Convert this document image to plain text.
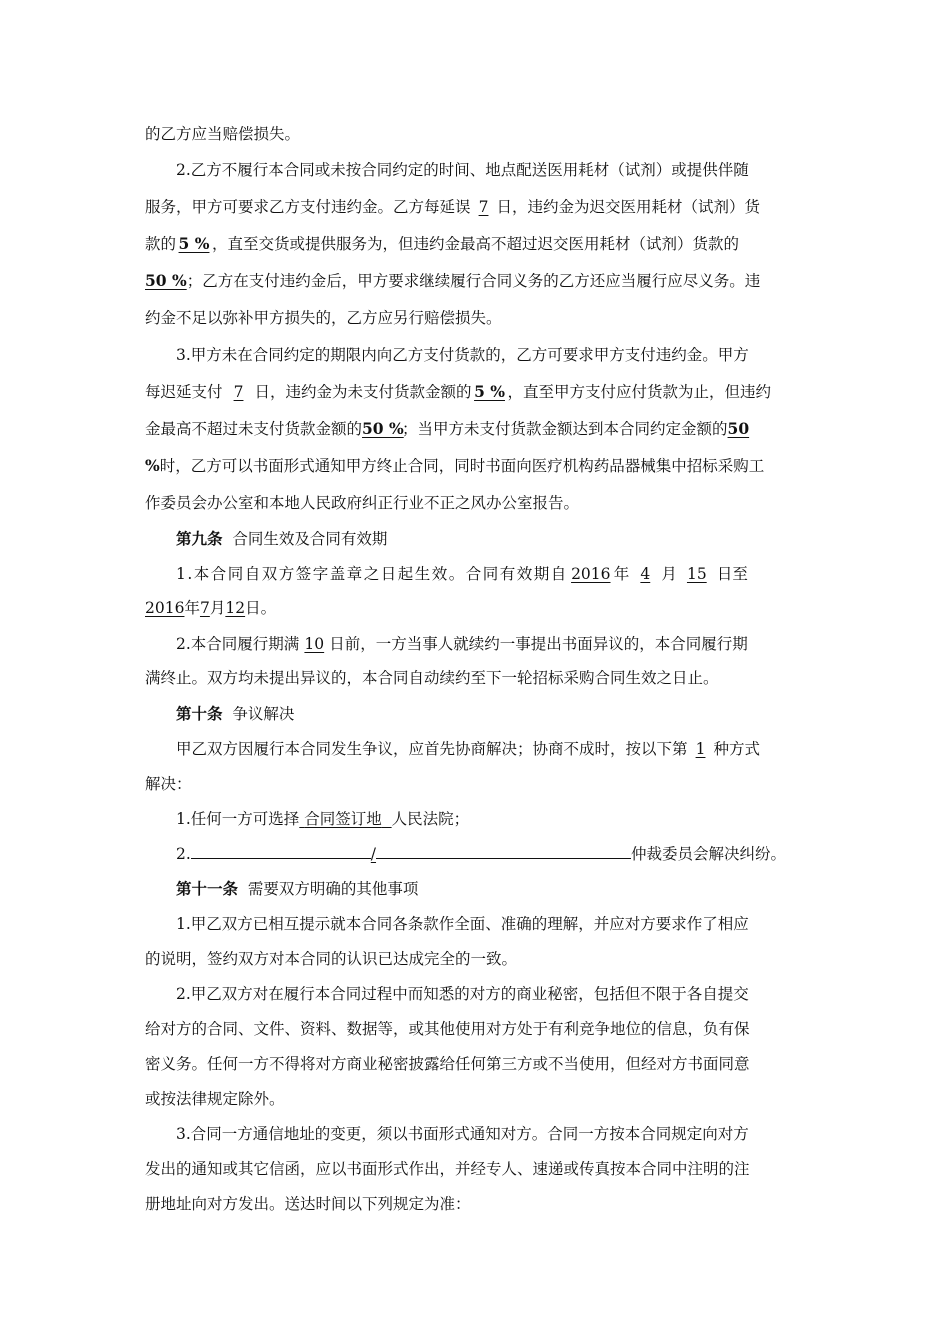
的乙方应当赔偿损失。
2.乙方不履行本合同或未按合同约定的时间、地点配送医用耗材（试剂）或提供伴随
服务，甲方可要求乙方支付违约金。乙方每延误 7 日，违约金为迟交医用耗材（试剂）货
款的 5 % ，直至交货或提供服务为，但违约金最高不超过迟交医用耗材（试剂）货款的
50 %；乙方在支付违约金后，甲方要求继续履行合同义务的乙方还应当履行应尽义务。违
约金不足以弥补甲方损失的，乙方应另行赔偿损失。
3.甲方未在合同约定的期限内向乙方支付货款的，乙方可要求甲方支付违约金。甲方
每迟延支付 7 日，违约金为未支付货款金额的 5 % ，直至甲方支付应付货款为止，但违约
金最高不超过未支付货款金额的50 %；当甲方未支付货款金额达到本合同约定金额的50
%时，乙方可以书面形式通知甲方终止合同，同时书面向医疗机构药品器械集中招标采购工
作委员会办公室和本地人民政府纠正行业不正之风办公室报告。
第九条 合同生效及合同有效期
1.本合同自双方签字盖章之日起生效。合同有效期自 2016 年 4 月 15 日至
2016年7月12日。
2.本合同履行期满 10 日前，一方当事人就续约一事提出书面异议的，本合同履行期
满终止。双方均未提出异议的，本合同自动续约至下一轮招标采购合同生效之日止。
第十条 争议解决
甲乙双方因履行本合同发生争议，应首先协商解决；协商不成时，按以下第 1 种方式
解决：
1.任何一方可选择 合同签订地 人民法院；
2.	/	仲裁委员会解决纠纷。
第十一条 需要双方明确的其他事项
1.甲乙双方已相互提示就本合同各条款作全面、准确的理解，并应对方要求作了相应
的说明，签约双方对本合同的认识已达成完全的一致。
2.甲乙双方对在履行本合同过程中而知悉的对方的商业秘密，包括但不限于各自提交
给对方的合同、文件、资料、数据等，或其他使用对方处于有利竞争地位的信息，负有保
密义务。任何一方不得将对方商业秘密披露给任何第三方或不当使用，但经对方书面同意
或按法律规定除外。
3.合同一方通信地址的变更，须以书面形式通知对方。合同一方按本合同规定向对方
发出的通知或其它信函，应以书面形式作出，并经专人、速递或传真按本合同中注明的注
册地址向对方发出。送达时间以下列规定为准：
